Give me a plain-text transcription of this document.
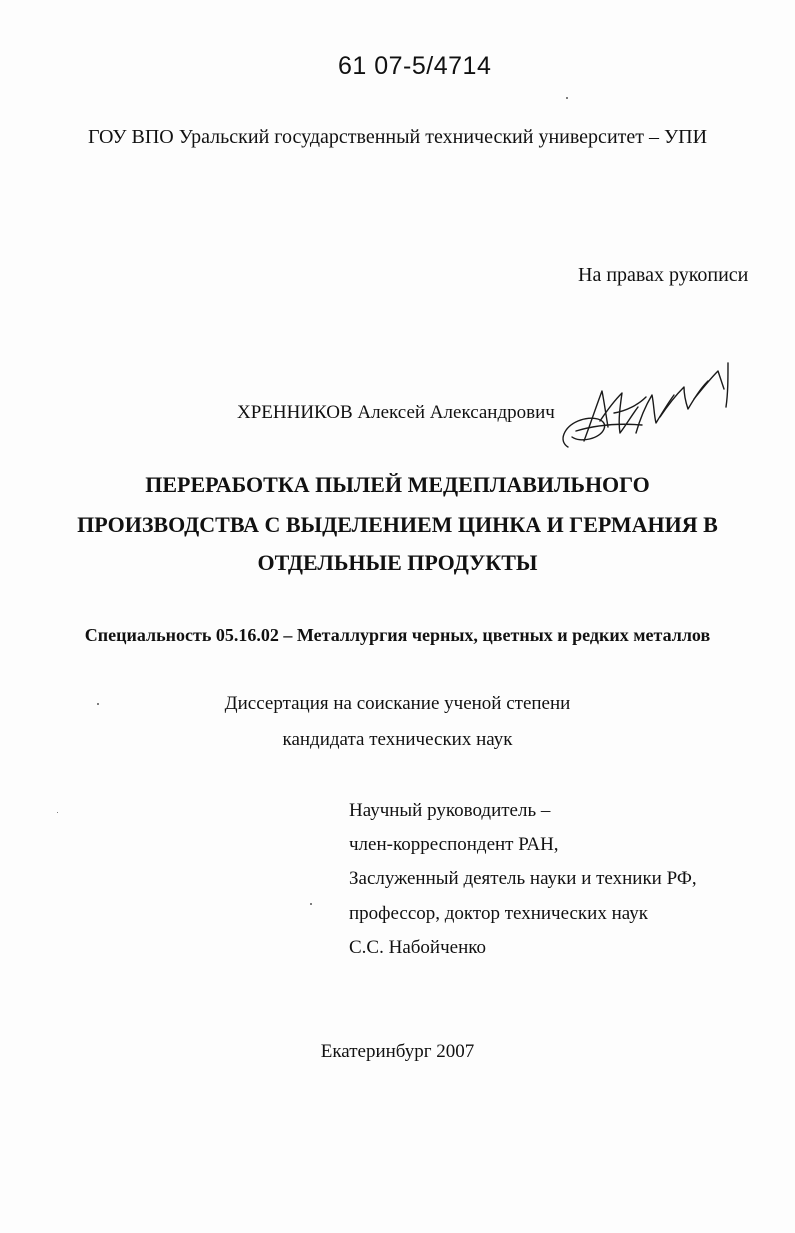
61 07-5/4714
ГОУ ВПО Уральский государственный технический университет – УПИ
На правах рукописи
ХРЕННИКОВ Алексей Александрович
ПЕРЕРАБОТКА ПЫЛЕЙ МЕДЕПЛАВИЛЬНОГО
ПРОИЗВОДСТВА С ВЫДЕЛЕНИЕМ ЦИНКА И ГЕРМАНИЯ В
ОТДЕЛЬНЫЕ ПРОДУКТЫ
Специальность 05.16.02 – Металлургия черных, цветных и редких металлов
Диссертация на соискание ученой степени
кандидата технических наук
Научный руководитель –
член-корреспондент РАН,
Заслуженный деятель науки и техники РФ,
профессор, доктор технических наук
С.С. Набойченко
Екатеринбург 2007
